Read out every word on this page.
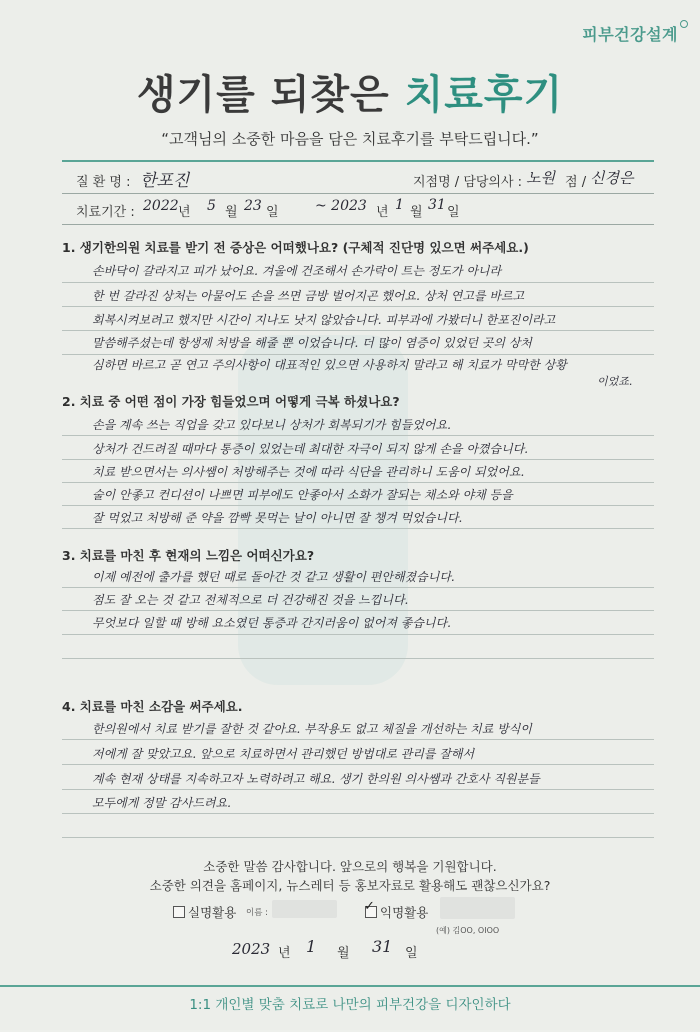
피부건강설계
생기를 되찾은 치료후기
“고객님의 소중한 마음을 담은 치료후기를 부탁드립니다.”
질 환 명 : 한포진	지점명 / 담당의사 : 노원 점 / 신경은
치료기간 : 2022 년 5 월 23 일	~ 2023 년 1 월 31 일
1. 생기한의원 치료를 받기 전 증상은 어떠했나요? (구체적 진단명 있으면 써주세요.)
손바닥이 갈라지고 피가 났어요. 겨울에 건조해서 손가락이 트는 정도가 아니라
한 번 갈라진 상처는 아물어도 손을 쓰면 금방 벌어지곤 했어요. 상처 연고를 바르고
회복시켜보려고 했지만 시간이 지나도 낫지 않았습니다. 피부과에 가봤더니 한포진이라고
말씀해주셨는데 항생제 처방을 해줄 뿐 이었습니다. 더 많이 염증이 있었던 곳의 상처
심하면 바르고 곧 연고 주의사항이 대표적인 있으면 사용하지 말라고 해 치료가 막막한 상황
이었죠.
2. 치료 중 어떤 점이 가장 힘들었으며 어떻게 극복 하셨나요?
손을 계속 쓰는 직업을 갖고 있다보니 상처가 회복되기가 힘들었어요.
상처가 건드려질 때마다 통증이 있었는데 최대한 자극이 되지 않게 손을 아꼈습니다.
치료 받으면서는 의사쌤이 처방해주는 것에 따라 식단을 관리하니 도움이 되었어요.
술이 안좋고 컨디션이 나쁘면 피부에도 안좋아서 소화가 잘되는 채소와 야채 등을
잘 먹었고 처방해 준 약을 깜빡 못먹는 날이 아니면 잘 챙겨 먹었습니다.
3. 치료를 마친 후 현재의 느낌은 어떠신가요?
이제 예전에 출가를 했던 때로 돌아간 것 같고 생활이 편안해졌습니다.
점도 잘 오는 것 같고 전체적으로 더 건강해진 것을 느낍니다.
무엇보다 일할 때 방해 요소였던 통증과 간지러움이 없어져 좋습니다.
4. 치료를 마친 소감을 써주세요.
한의원에서 치료 받기를 잘한 것 같아요. 부작용도 없고 체질을 개선하는 치료 방식이
저에게 잘 맞았고요. 앞으로 치료하면서 관리했던 방법대로 관리를 잘해서
계속 현재 상태를 지속하고자 노력하려고 해요. 생기 한의원 의사쌤과 간호사 직원분들
모두에게 정말 감사드려요.
소중한 말씀 감사합니다. 앞으로의 행복을 기원합니다.
소중한 의견을 홈페이지, 뉴스레터 등 홍보자료로 활용해도 괜찮으신가요?
실명활용 이름 :	✓ 익명활용
(예) 김OO, OIOO
2023 년 1 월 31 일
1:1 개인별 맞춤 치료로 나만의 피부건강을 디자인하다
